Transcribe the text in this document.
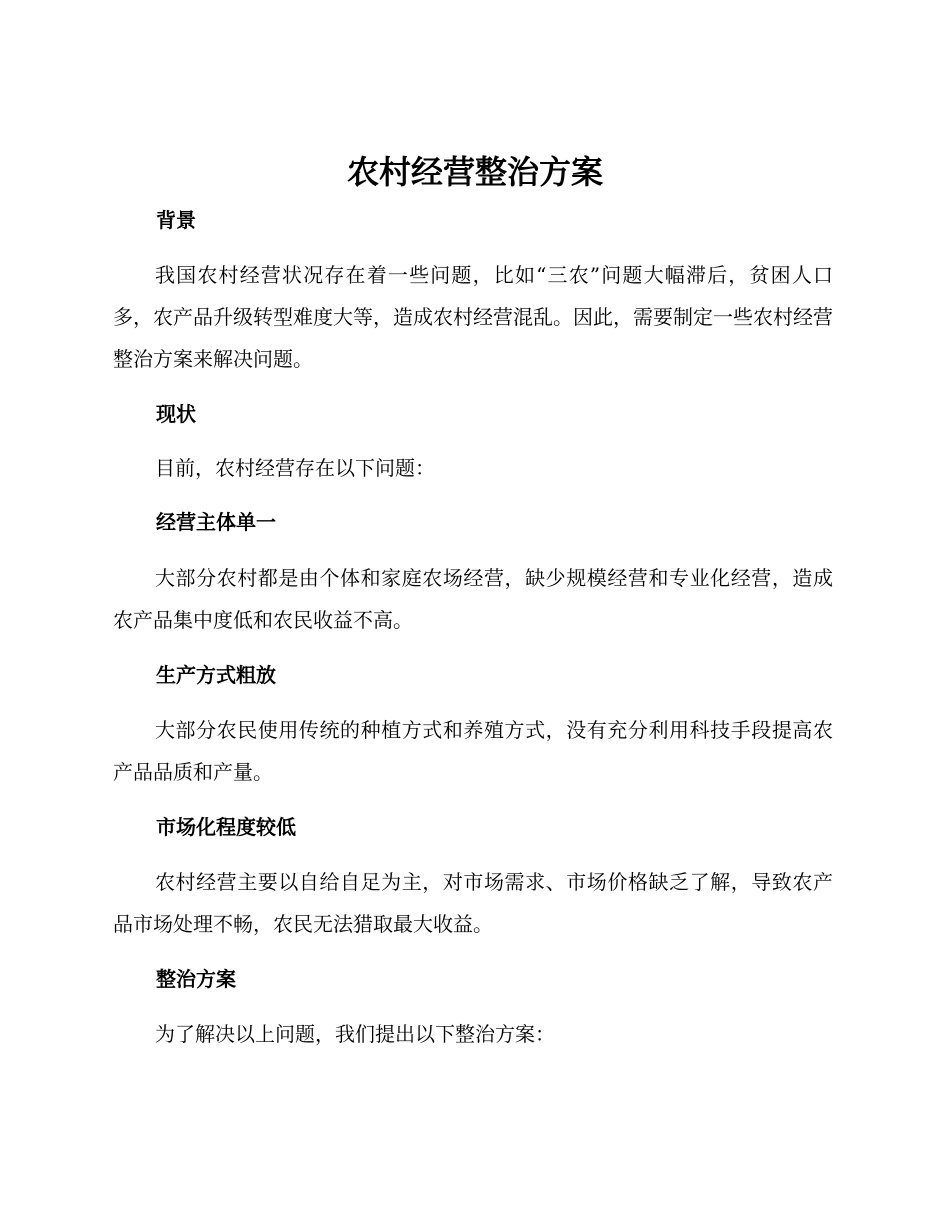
农村经营整治方案
背景

我国农村经营状况存在着一些问题，比如“三农”问题大幅滞后，贫困人口多，农产品升级转型难度大等，造成农村经营混乱。因此，需要制定一些农村经营整治方案来解决问题。

现状

目前，农村经营存在以下问题：

经营主体单一

大部分农村都是由个体和家庭农场经营，缺少规模经营和专业化经营，造成农产品集中度低和农民收益不高。

生产方式粗放

大部分农民使用传统的种植方式和养殖方式，没有充分利用科技手段提高农产品品质和产量。

市场化程度较低

农村经营主要以自给自足为主，对市场需求、市场价格缺乏了解，导致农产品市场处理不畅，农民无法猎取最大收益。

整治方案

为了解决以上问题，我们提出以下整治方案：
